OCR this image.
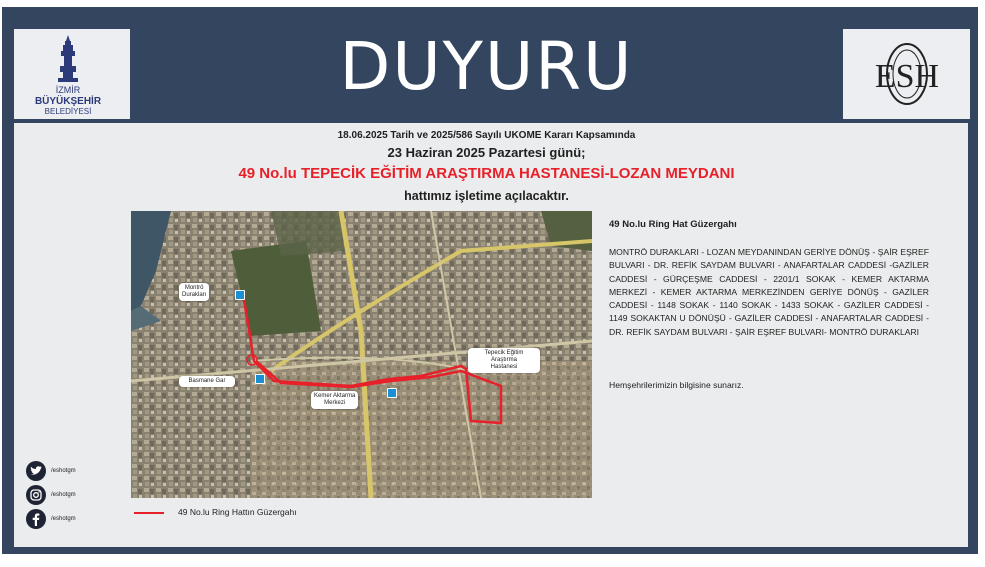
İZMİR
BÜYÜKŞEHİR
BELEDİYESİ
ESH
DUYURU
18.06.2025 Tarih ve 2025/586 Sayılı UKOME Kararı Kapsamında
23 Haziran 2025 Pazartesi günü;
49 No.lu TEPECİK EĞİTİM ARAŞTIRMA HASTANESİ-LOZAN MEYDANI
hattımız işletime açılacaktır.
Montrö
Durakları
Basmane Gar
Kemer Aktarma
Merkezi
Tepecik Eğitim
Araştırma
Hastanesi
49 No.lu Ring Hat Güzergahı
MONTRÖ DURAKLARI - LOZAN MEYDANINDAN GERİYE DÖNÜŞ - ŞAİR EŞREF BULVARI - DR. REFİK SAYDAM BULVARI - ANAFARTALAR CADDESİ -GAZİLER CADDESİ - GÜRÇEŞME CADDESİ - 2201/1 SOKAK - KEMER AKTARMA MERKEZİ - KEMER AKTARMA MERKEZİNDEN GERİYE DÖNÜŞ - GAZİLER CADDESİ - 1148 SOKAK - 1140 SOKAK - 1433 SOKAK - GAZİLER CADDESİ - 1149 SOKAKTAN U DÖNÜŞÜ - GAZİLER CADDESİ - ANAFARTALAR CADDESİ - DR. REFİK SAYDAM BULVARI - ŞAİR EŞREF BULVARI- MONTRÖ DURAKLARI
Hemşehrilerimizin bilgisine sunarız.
/eshotgm
/eshotgm
/eshotgm
49 No.lu Ring Hattın Güzergahı
